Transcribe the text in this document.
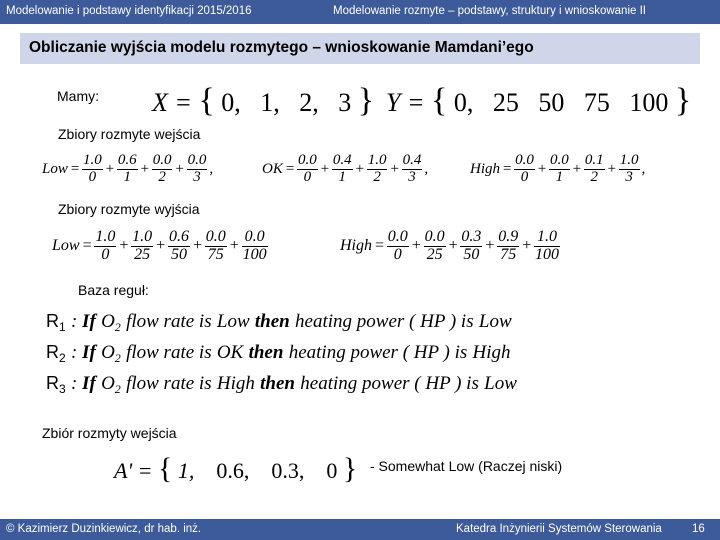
Modelowanie i podstawy identyfikacji 2015/2016	Modelowanie rozmyte – podstawy, struktury i wnioskowanie II
Obliczanie wyjścia modelu rozmytego – wnioskowanie Mamdani’ego
Mamy: X = { 0, 1, 2, 3 } Y = { 0, 25 50 75 100 }
Zbiory rozmyte wejścia
Low = $\frac{1.0}{0} + \frac{0.6}{1} + \frac{0.0}{2} + \frac{0.0}{3}$ ,	OK = $\frac{0.0}{0} + \frac{0.4}{1} + \frac{1.0}{2} + \frac{0.4}{3}$ ,	High = $\frac{0.0}{0} + \frac{0.0}{1} + \frac{0.1}{2} + \frac{1.0}{3}$ ,
Zbiory rozmyte wyjścia
Low = $\frac{1.0}{0} + \frac{1.0}{25} + \frac{0.6}{50} + \frac{0.0}{75} + \frac{0.0}{100}$	High = $\frac{0.0}{0} + \frac{0.0}{25} + \frac{0.3}{50} + \frac{0.9}{75} + \frac{1.0}{100}$
Baza reguł:
$R_1$ : If $O_2$ flow rate is Low then heating power ( HP ) is Low
$R_2$ : If $O_2$ flow rate is OK then heating power ( HP ) is High
$R_3$ : If $O_2$ flow rate is High then heating power ( HP ) is Low
Zbiór rozmyty wejścia
A' = { 1, 0.6, 0.3, 0 } - Somewhat Low (Raczej niski)
© Kazimierz Duzinkiewicz, dr hab. inż.	Katedra Inżynierii Systemów Sterowania	16
